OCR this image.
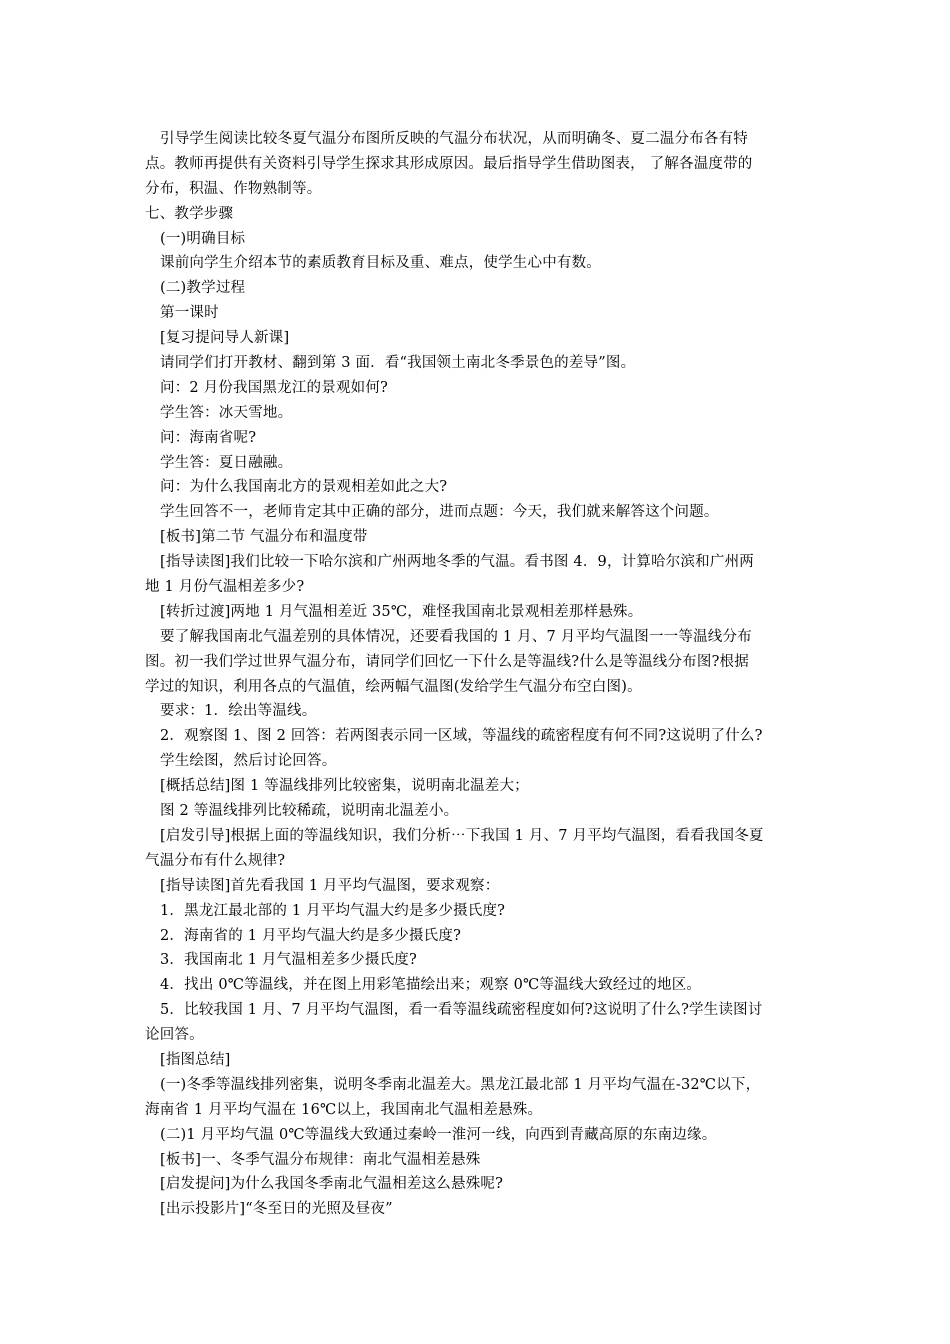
引导学生阅读比较冬夏气温分布图所反映的气温分布状况，从而明确冬、夏二温分布各有特
点。教师再提供有关资料引导学生探求其形成原因。最后指导学生借助图表， 了解各温度带的
分布，积温、作物熟制等。
七、教学步骤
(一)明确目标
课前向学生介绍本节的素质教育目标及重、难点，使学生心中有数。
(二)教学过程
第一课时
[复习提问导人新课]
请同学们打开教材、翻到第 3 面．看“我国领土南北冬季景色的差导”图。
问：2 月份我国黑龙江的景观如何?
学生答：冰天雪地。
问：海南省呢?
学生答：夏日融融。
问：为什么我国南北方的景观相差如此之大?
学生回答不一，老师肯定其中正确的部分，进而点题：今天，我们就来解答这个问题。
[板书]第二节 气温分布和温度带
[指导读图]我们比较一下哈尔滨和广州两地冬季的气温。看书图 4．9，计算哈尔滨和广州两
地 1 月份气温相差多少?
[转折过渡]两地 1 月气温相差近 35℃，难怪我国南北景观相差那样悬殊。
要了解我国南北气温差别的具体情况，还要看我国的 1 月、7 月平均气温图一一等温线分布
图。初一我们学过世界气温分布，请同学们回忆一下什么是等温线?什么是等温线分布图?根据
学过的知识，利用各点的气温值，绘两幅气温图(发给学生气温分布空白图)。
要求：1．绘出等温线。
2．观察图 1、图 2 回答：若两图表示同一区域，等温线的疏密程度有何不同?这说明了什么?
学生绘图，然后讨论回答。
[概括总结]图 1 等温线排列比较密集，说明南北温差大；
图 2 等温线排列比较稀疏，说明南北温差小。
[启发引导]根据上面的等温线知识，我们分析⋯下我国 1 月、7 月平均气温图，看看我国冬夏
气温分布有什么规律?
[指导读图]首先看我国 1 月平均气温图，要求观察：
1．黑龙江最北部的 1 月平均气温大约是多少摄氏度?
2．海南省的 1 月平均气温大约是多少摄氏度?
3．我国南北 1 月气温相差多少摄氏度?
4．找出 0℃等温线，并在图上用彩笔描绘出来；观察 0℃等温线大致经过的地区。
5．比较我国 1 月、7 月平均气温图，看一看等温线疏密程度如何?这说明了什么?学生读图讨
论回答。
[指图总结]
(一)冬季等温线排列密集，说明冬季南北温差大。黑龙江最北部 1 月平均气温在-32℃以下，
海南省 1 月平均气温在 16℃以上，我国南北气温相差悬殊。
(二)1 月平均气温 0℃等温线大致通过秦岭一淮河一线，向西到青藏高原的东南边缘。
[板书]一、冬季气温分布规律：南北气温相差悬殊
[启发提问]为什么我国冬季南北气温相差这么悬殊呢?
[出示投影片]“冬至日的光照及昼夜”
